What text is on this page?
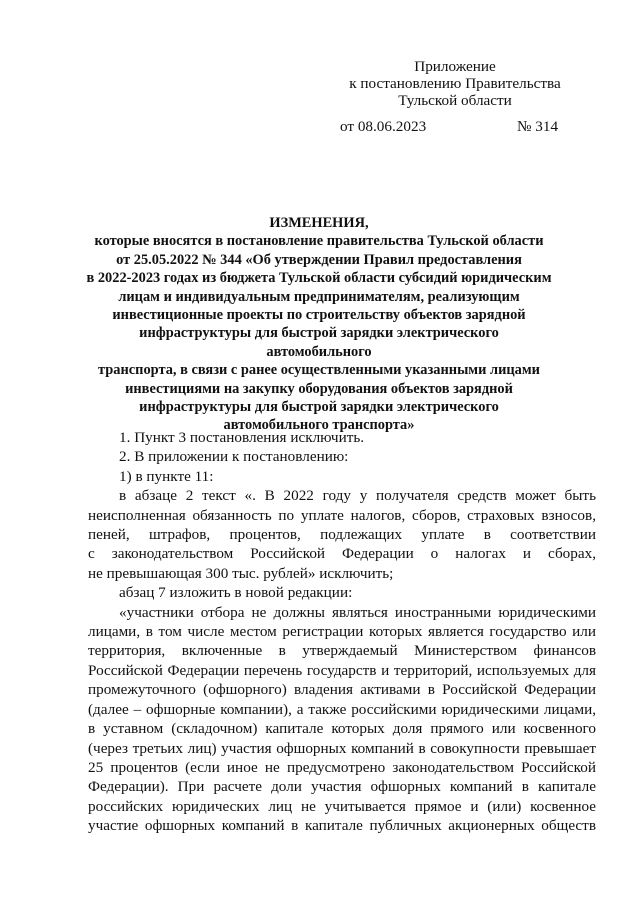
Приложение
к постановлению Правительства
Тульской области
от 08.06.2023	№ 314
ИЗМЕНЕНИЯ,
которые вносятся в постановление правительства Тульской области
от 25.05.2022 № 344 «Об утверждении Правил предоставления
в 2022-2023 годах из бюджета Тульской области субсидий юридическим
лицам и индивидуальным предпринимателям, реализующим
инвестиционные проекты по строительству объектов зарядной
инфраструктуры для быстрой зарядки электрического автомобильного
транспорта, в связи с ранее осуществленными указанными лицами
инвестициями на закупку оборудования объектов зарядной
инфраструктуры для быстрой зарядки электрического
автомобильного транспорта»

1. Пункт 3 постановления исключить.

2. В приложении к постановлению:

1) в пункте 11:

в абзаце 2 текст «. В 2022 году у получателя средств может быть

неисполненная обязанность по уплате налогов, сборов, страховых взносов,

пеней, штрафов, процентов, подлежащих уплате в соответствии

с законодательством Российской Федерации о налогах и сборах,

не превышающая 300 тыс. рублей» исключить;

абзац 7 изложить в новой редакции:

«участники отбора не должны являться иностранными юридическими

лицами, в том числе местом регистрации которых является государство или

территория, включенные в утверждаемый Министерством финансов

Российской Федерации перечень государств и территорий, используемых для

промежуточного (офшорного) владения активами в Российской Федерации

(далее – офшорные компании), а также российскими юридическими лицами,

в уставном (складочном) капитале которых доля прямого или косвенного

(через третьих лиц) участия офшорных компаний в совокупности превышает

25 процентов (если иное не предусмотрено законодательством Российской

Федерации). При расчете доли участия офшорных компаний в капитале

российских юридических лиц не учитывается прямое и (или) косвенное

участие офшорных компаний в капитале публичных акционерных обществ
